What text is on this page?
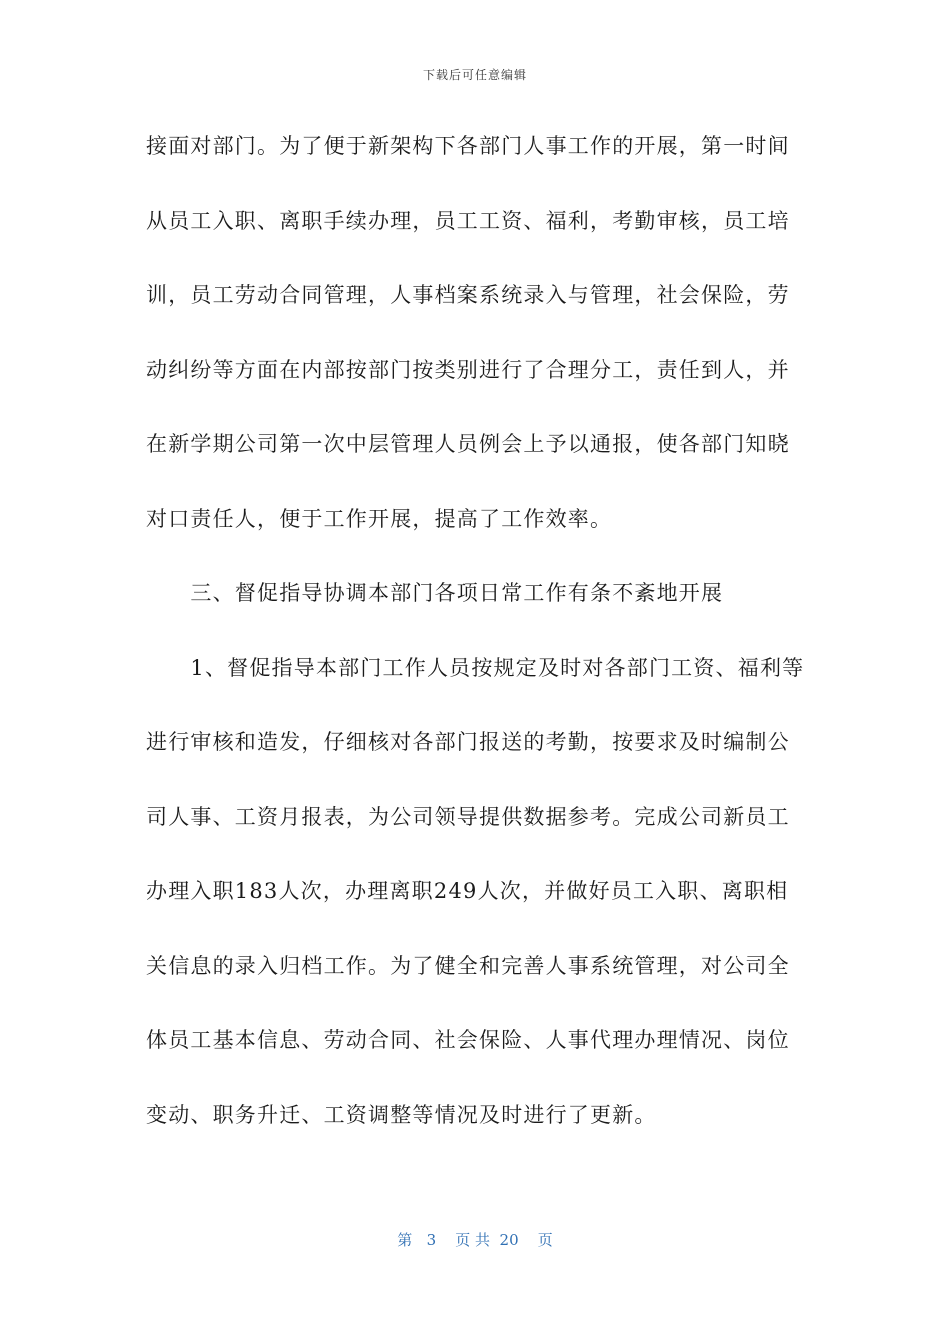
下载后可任意编辑
接面对部门。为了便于新架构下各部门人事工作的开展，第一时间
从员工入职、离职手续办理，员工工资、福利，考勤审核，员工培
训，员工劳动合同管理，人事档案系统录入与管理，社会保险，劳
动纠纷等方面在内部按部门按类别进行了合理分工，责任到人，并
在新学期公司第一次中层管理人员例会上予以通报，使各部门知晓
对口责任人，便于工作开展，提高了工作效率。
　　三、督促指导协调本部门各项日常工作有条不紊地开展
　　1、督促指导本部门工作人员按规定及时对各部门工资、福利等
进行审核和造发，仔细核对各部门报送的考勤，按要求及时编制公
司人事、工资月报表，为公司领导提供数据参考。完成公司新员工
办理入职183人次，办理离职249人次，并做好员工入职、离职相
关信息的录入归档工作。为了健全和完善人事系统管理，对公司全
体员工基本信息、劳动合同、社会保险、人事代理办理情况、岗位
变动、职务升迁、工资调整等情况及时进行了更新。
第 3 页 共 20 页
